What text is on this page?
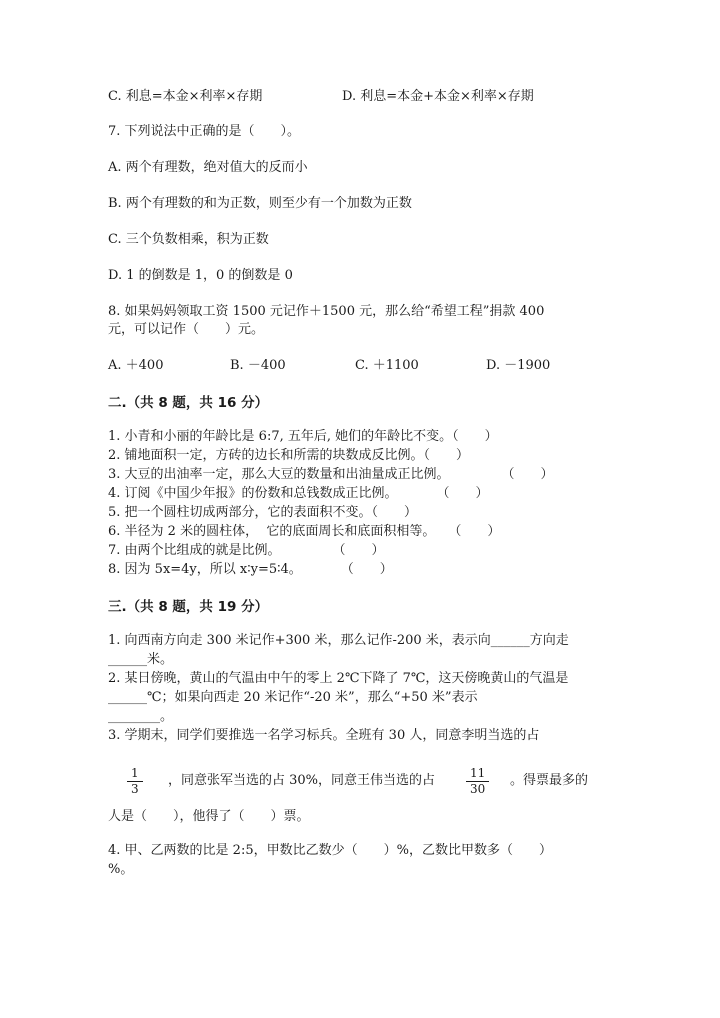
C. 利息=本金×利率×存期	D. 利息=本金+本金×利率×存期
7. 下列说法中正确的是（　　）。
A. 两个有理数，绝对值大的反而小
B. 两个有理数的和为正数，则至少有一个加数为正数
C. 三个负数相乘，积为正数
D. 1 的倒数是 1，0 的倒数是 0
8. 如果妈妈领取工资 1500 元记作＋1500 元，那么给“希望工程”捐款 400
元，可以记作（　　）元。
A. ＋400	B. －400	C. ＋1100	D. －1900
二.（共 8 题，共 16 分）
1. 小青和小丽的年龄比是 6:7, 五年后, 她们的年龄比不变。（　　）
2. 铺地面积一定，方砖的边长和所需的块数成反比例。（　　）
3. 大豆的出油率一定，那么大豆的数量和出油量成正比例。　　　　　（　　）
4. 订阅《中国少年报》的份数和总钱数成正比例。　　　　（　　）
5. 把一个圆柱切成两部分，它的表面积不变。（　　）
6. 半径为 2 米的圆柱体，  它的底面周长和底面积相等。　　（　　）
7. 由两个比组成的就是比例。　　　　　（　　）
8. 因为 5x=4y，所以 x∶y=5∶4。　　　　（　　）
三.（共 8 题，共 19 分）
1. 向西南方向走 300 米记作+300 米，那么记作-200 米，表示向______方向走
______米。
2. 某日傍晚，黄山的气温由中午的零上 2℃下降了 7℃，这天傍晚黄山的气温是
______℃；如果向西走 20 米记作“-20 米”，那么“+50 米”表示
________。
3. 学期末，同学们要推选一名学习标兵。全班有 30 人，同意李明当选的占
1
3
，同意张军当选的占 30%，同意王伟当选的占	11
30
。得票最多的
人是（　　），他得了（　　）票。
4. 甲、乙两数的比是 2:5，甲数比乙数少（　　）%，乙数比甲数多（　　）
%。
